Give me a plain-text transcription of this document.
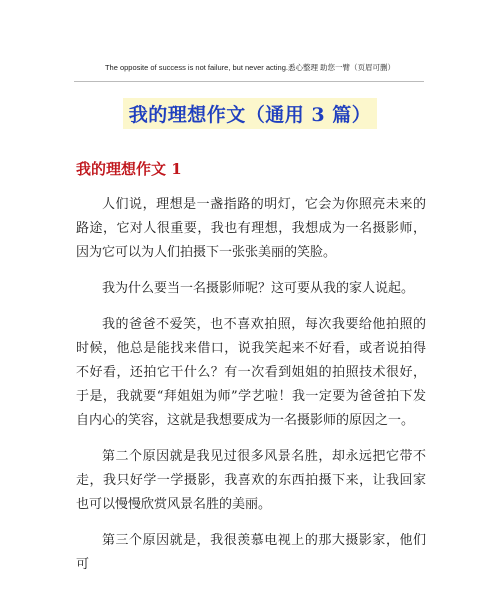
The opposite of success is not failure, but never acting.悉心整理 助您一臂（页眉可删）
我的理想作文（通用 3 篇）
我的理想作文 1

人们说，理想是一盏指路的明灯，它会为你照亮未来的路途，它对人很重要，我也有理想，我想成为一名摄影师，因为它可以为人们拍摄下一张张美丽的笑脸。

我为什么要当一名摄影师呢？这可要从我的家人说起。

我的爸爸不爱笑，也不喜欢拍照，每次我要给他拍照的时候，他总是能找来借口，说我笑起来不好看，或者说拍得不好看，还拍它干什么？有一次看到姐姐的拍照技术很好，于是，我就要“拜姐姐为师”学艺啦！我一定要为爸爸拍下发自内心的笑容，这就是我想要成为一名摄影师的原因之一。

第二个原因就是我见过很多风景名胜，却永远把它带不走，我只好学一学摄影，我喜欢的东西拍摄下来，让我回家也可以慢慢欣赏风景名胜的美丽。

第三个原因就是，我很羡慕电视上的那大摄影家，他们可
